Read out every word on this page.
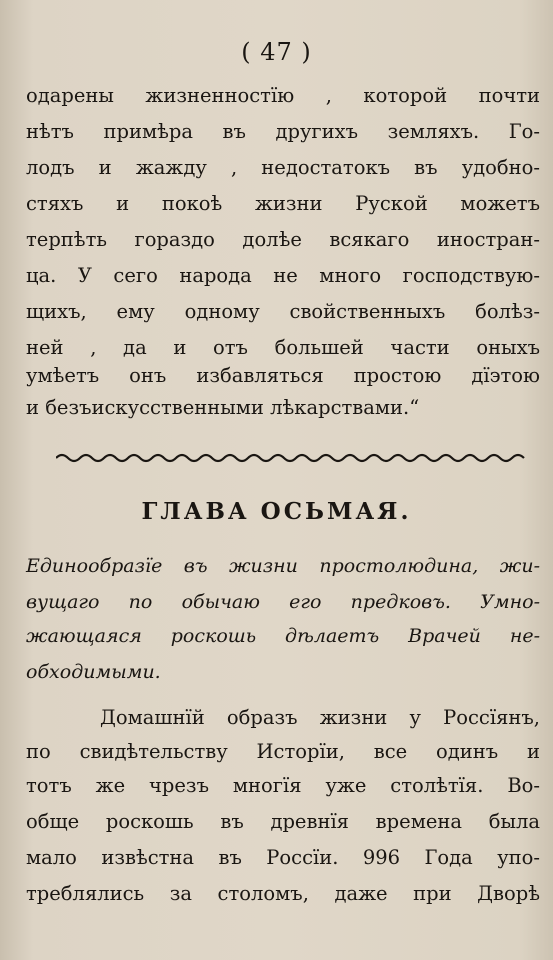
( 47 )
одарены жизненностїю , которой почти
нѣтъ примѣра въ другихъ земляхъ. Го-
лодъ и жажду , недостатокъ въ удобно-
стяхъ и покоѣ жизни Руской можетъ
терпѣть гораздо долѣе всякаго иностран-
ца. У сего народа не много господствую-
щихъ, ему одному свойственныхъ болѣз-
ней , да и отъ большей части оныхъ
умѣетъ онъ избавляться простою дїэтою
и безъискусственными лѣкарствами.“
ГЛАВА ОСЬМАЯ.
Единообразїе въ жизни простолюдина, жи-
вущаго по обычаю его предковъ. Умно-
жающаяся роскошь дѣлаетъ Врачей не-
обходимыми.
Домашнїй образъ жизни у Россїянъ,
по свидѣтельству Исторїи, все одинъ и
тотъ же чрезъ многїя уже столѣтїя. Во-
обще роскошь въ древнїя времена была
мало извѣстна въ Россїи. 996 Года упо-
треблялись за столомъ, даже при Дворѣ
